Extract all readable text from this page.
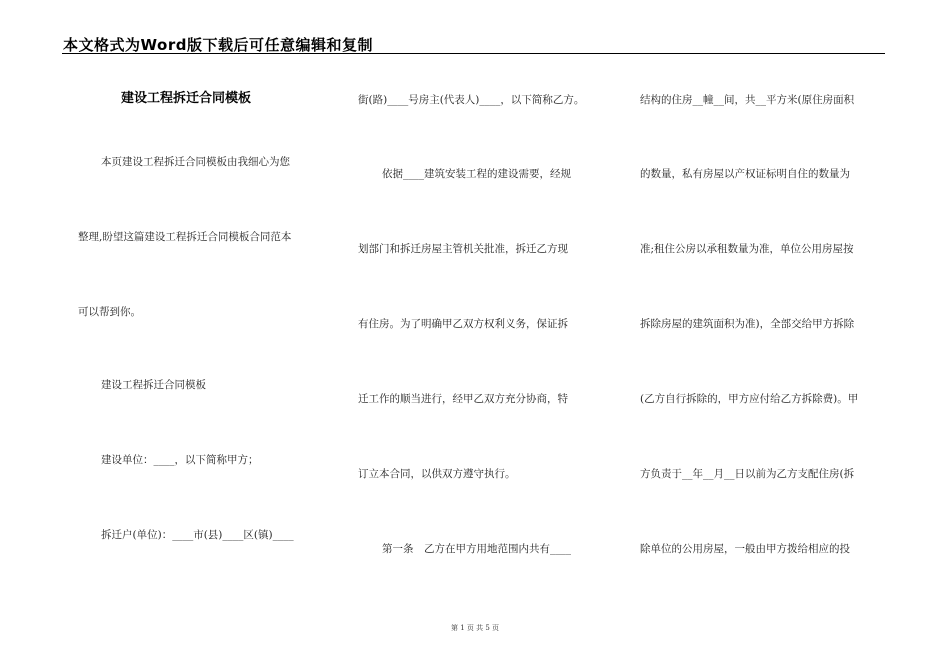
本文格式为Word版下载后可任意编辑和复制
建设工程拆迁合同模板
本页建设工程拆迁合同模板由我细心为您
整理,盼望这篇建设工程拆迁合同模板合同范本
可以帮到你。
建设工程拆迁合同模板
建设单位：____，以下简称甲方；
拆迁户(单位)：____市(县)____区(镇)____
街(路)____号房主(代表人)____，以下简称乙方。
依据____建筑安装工程的建设需要，经规
划部门和拆迁房屋主管机关批准，拆迁乙方现
有住房。为了明确甲乙双方权利义务，保证拆
迁工作的顺当进行，经甲乙双方充分协商，特
订立本合同，以供双方遵守执行。
第一条　乙方在甲方用地范围内共有____
结构的住房__幢__间，共__平方米(原住房面积
的数量，私有房屋以产权证标明自住的数量为
准;租住公房以承租数量为准，单位公用房屋按
拆除房屋的建筑面积为准)，全部交给甲方拆除
(乙方自行拆除的，甲方应付给乙方拆除费)。甲
方负责于__年__月__日以前为乙方支配住房(拆
除单位的公用房屋，一般由甲方拨给相应的投
第 1 页 共 5 页
